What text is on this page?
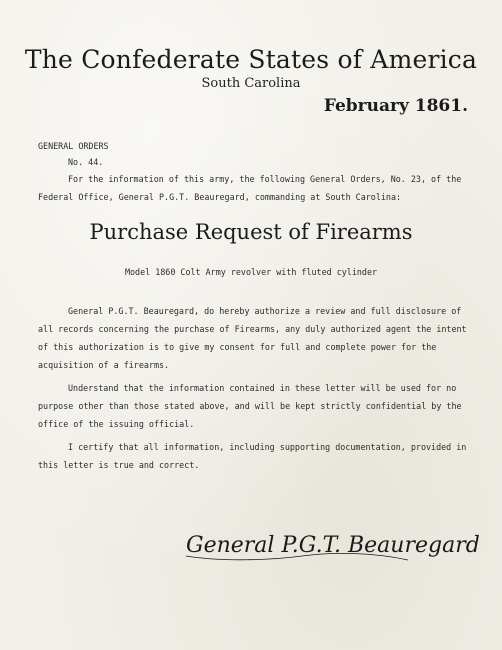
The Confederate States of America
South Carolina
February 1861.
GENERAL ORDERS
No. 44.
For the information of this army, the following General Orders, No. 23, of the Federal Office, General P.G.T. Beauregard, commanding at South Carolina:
Purchase Request of Firearms
Model 1860 Colt Army revolver with fluted cylinder
General P.G.T. Beauregard, do hereby authorize a review and full disclosure of all records concerning the purchase of Firearms, any duly authorized agent the intent of this authorization is to give my consent for full and complete power for the acquisition of a firearms.
Understand that the information contained in these letter will be used for no purpose other than those stated above, and will be kept strictly confidential by the office of the issuing official.
I certify that all information, including supporting documentation, provided in this letter is true and correct.
General P.G.T. Beauregard
